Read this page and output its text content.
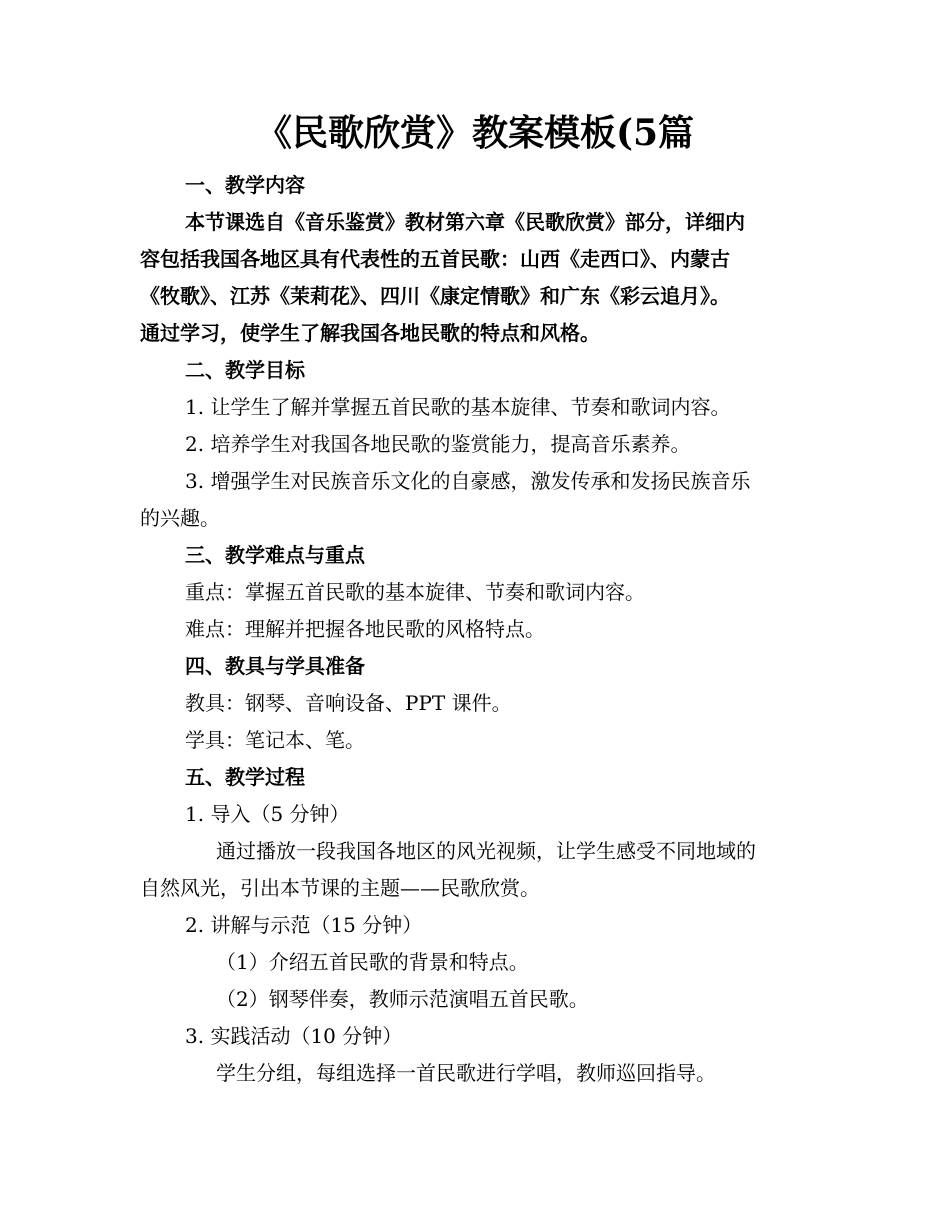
《民歌欣赏》教案模板(5篇
一、教学内容
本节课选自《音乐鉴赏》教材第六章《民歌欣赏》部分，详细内
容包括我国各地区具有代表性的五首民歌：山西《走西口》、内蒙古
《牧歌》、江苏《茉莉花》、四川《康定情歌》和广东《彩云追月》。
通过学习，使学生了解我国各地民歌的特点和风格。
二、教学目标
1. 让学生了解并掌握五首民歌的基本旋律、节奏和歌词内容。
2. 培养学生对我国各地民歌的鉴赏能力，提高音乐素养。
3. 增强学生对民族音乐文化的自豪感，激发传承和发扬民族音乐
的兴趣。
三、教学难点与重点
重点：掌握五首民歌的基本旋律、节奏和歌词内容。
难点：理解并把握各地民歌的风格特点。
四、教具与学具准备
教具：钢琴、音响设备、PPT 课件。
学具：笔记本、笔。
五、教学过程
1. 导入（5 分钟）
通过播放一段我国各地区的风光视频，让学生感受不同地域的
自然风光，引出本节课的主题——民歌欣赏。
2. 讲解与示范（15 分钟）
（1）介绍五首民歌的背景和特点。
（2）钢琴伴奏，教师示范演唱五首民歌。
3. 实践活动（10 分钟）
学生分组，每组选择一首民歌进行学唱，教师巡回指导。
